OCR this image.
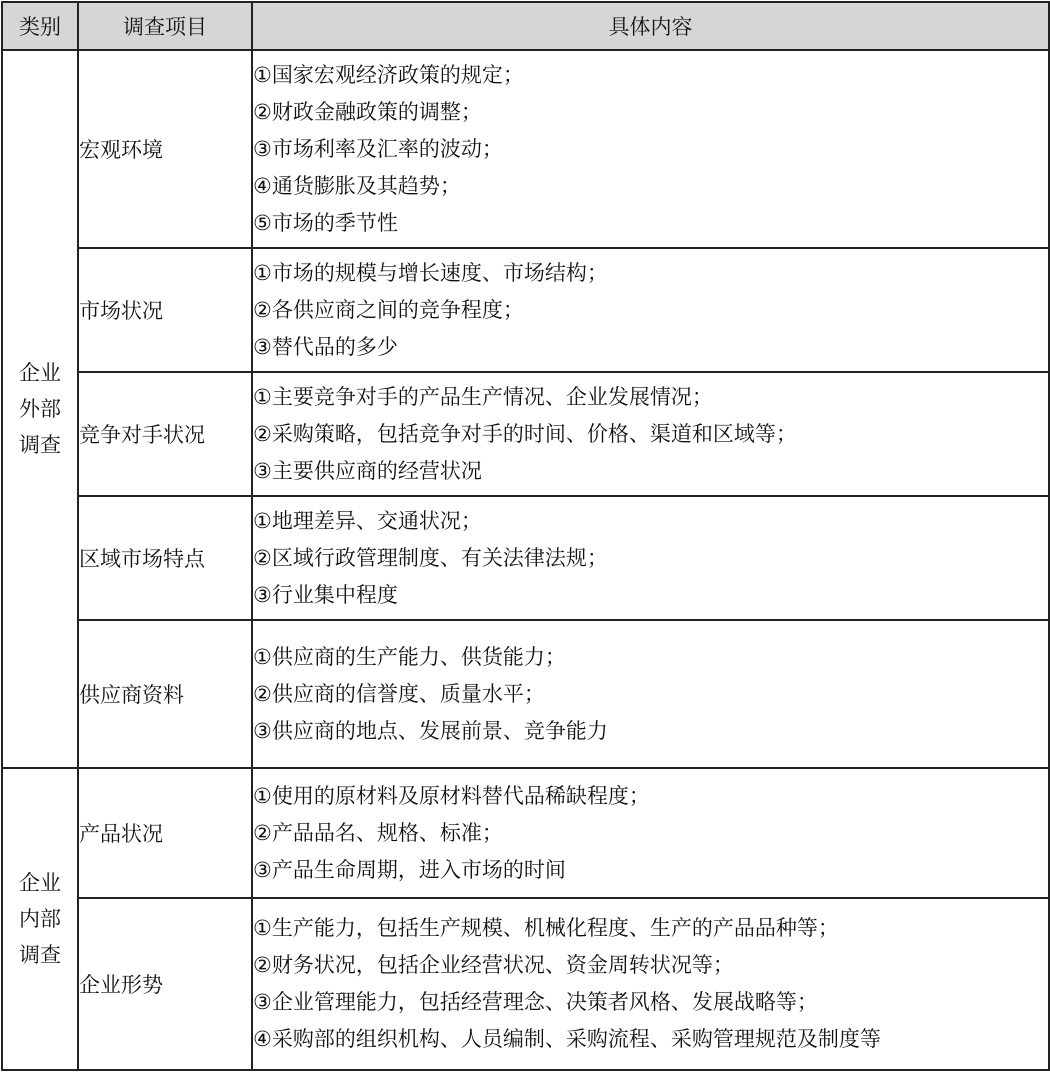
类别	调查项目	具体内容

企业
外部
调查	宏观环境	①国家宏观经济政策的规定；
②财政金融政策的调整；
③市场利率及汇率的波动；
④通货膨胀及其趋势；
⑤市场的季节性

	市场状况	①市场的规模与增长速度、市场结构；
②各供应商之间的竞争程度；
③替代品的多少

	竞争对手状况	①主要竞争对手的产品生产情况、企业发展情况；
②采购策略，包括竞争对手的时间、价格、渠道和区域等；
③主要供应商的经营状况

	区域市场特点	①地理差异、交通状况；
②区域行政管理制度、有关法律法规；
③行业集中程度

	供应商资料	①供应商的生产能力、供货能力；
②供应商的信誉度、质量水平；
③供应商的地点、发展前景、竞争能力

企业
内部
调查	产品状况	①使用的原材料及原材料替代品稀缺程度；
②产品品名、规格、标准；
③产品生命周期，进入市场的时间

	企业形势	①生产能力，包括生产规模、机械化程度、生产的产品品种等；
②财务状况，包括企业经营状况、资金周转状况等；
③企业管理能力，包括经营理念、决策者风格、发展战略等；
④采购部的组织机构、人员编制、采购流程、采购管理规范及制度等
